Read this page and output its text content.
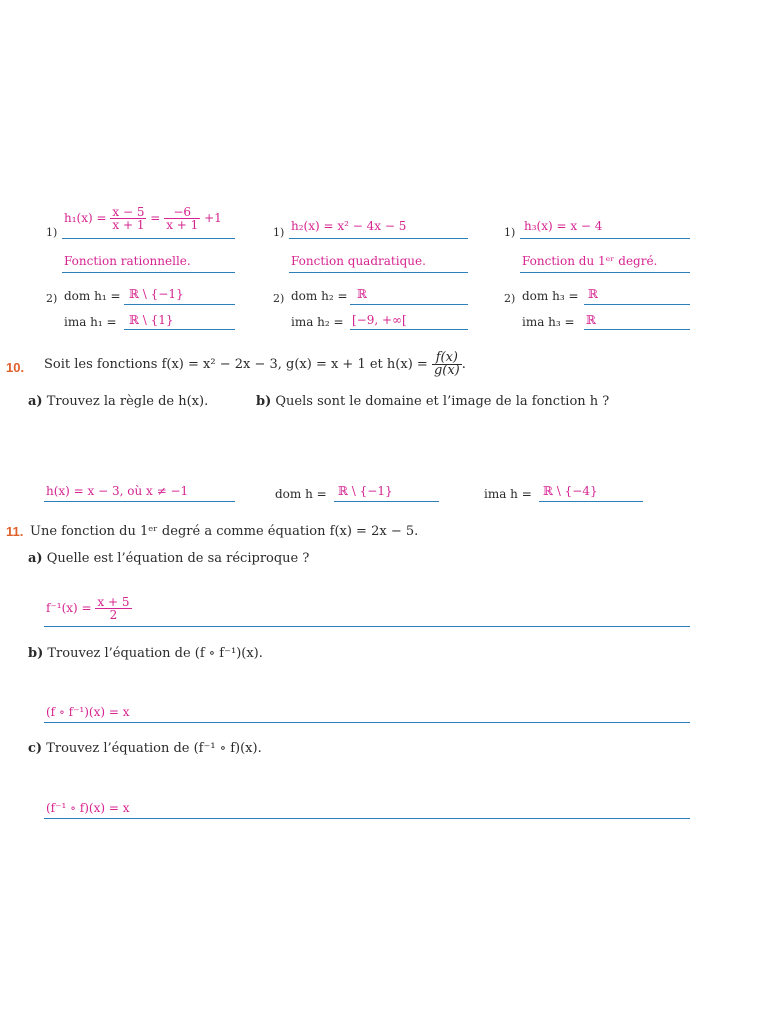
1)
$h_1(x) = \frac{x - 5}{x + 1} = \frac{-6}{x + 1} +1$
Fonction rationnelle.
2) dom h₁ = ℝ \ {−1}
ima h₁ = ℝ \ {1}
1) h₂(x) = x² − 4x − 5
Fonction quadratique.
2) dom h₂ = ℝ
ima h₂ = [−9, +∞[
1) h₃(x) = x − 4
Fonction du 1ᵉʳ degré.
2) dom h₃ = ℝ
ima h₃ = ℝ
10. Soit les fonctions f(x) = x² − 2x − 3, g(x) = x + 1 et $h(x) = \frac{f(x)}{g(x)}$ .
a) Trouvez la règle de h(x).	b) Quels sont le domaine et l’image de la fonction h ?
h(x) = x − 3, où x ≠ −1	dom h = ℝ \ {−1}	ima h = ℝ \ {−4}
11. Une fonction du 1ᵉʳ degré a comme équation f(x) = 2x − 5.
a) Quelle est l’équation de sa réciproque ?
$f^{-1}(x) = \frac{x + 5}{2}$
b) Trouvez l’équation de (f ∘ f⁻¹)(x).
(f ∘ f⁻¹)(x) = x
c) Trouvez l’équation de (f⁻¹ ∘ f)(x).
(f⁻¹ ∘ f)(x) = x
